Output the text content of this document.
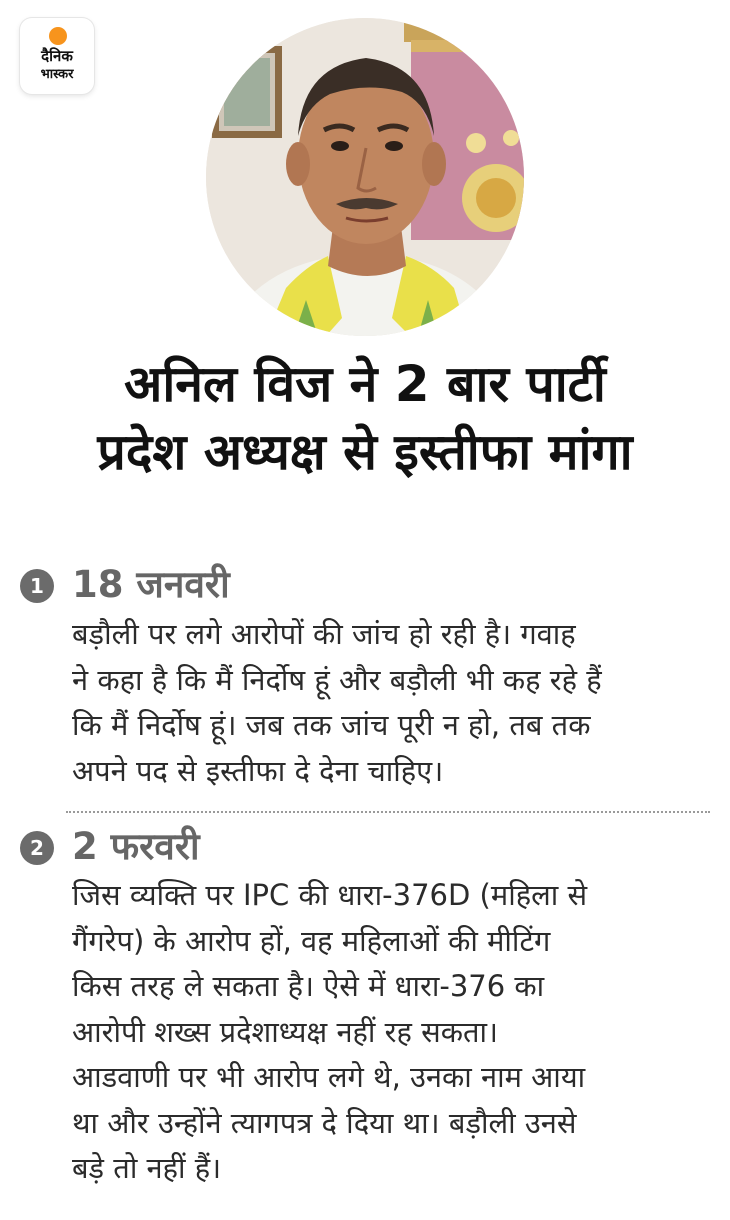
दैनिक
भास्कर
अनिल विज ने 2 बार पार्टी
प्रदेश अध्यक्ष से इस्तीफा मांगा
1 18 जनवरी

बड़ौली पर लगे आरोपों की जांच हो रही है। गवाह
ने कहा है कि मैं निर्दोष हूं और बड़ौली भी कह रहे हैं
कि मैं निर्दोष हूं। जब तक जांच पूरी न हो, तब तक
अपने पद से इस्तीफा दे देना चाहिए।

2 2 फरवरी

जिस व्यक्ति पर IPC की धारा-376D (महिला से
गैंगरेप) के आरोप हों, वह महिलाओं की मीटिंग
किस तरह ले सकता है। ऐसे में धारा-376 का
आरोपी शख्स प्रदेशाध्यक्ष नहीं रह सकता।
आडवाणी पर भी आरोप लगे थे, उनका नाम आया
था और उन्होंने त्यागपत्र दे दिया था। बड़ौली उनसे
बड़े तो नहीं हैं।
